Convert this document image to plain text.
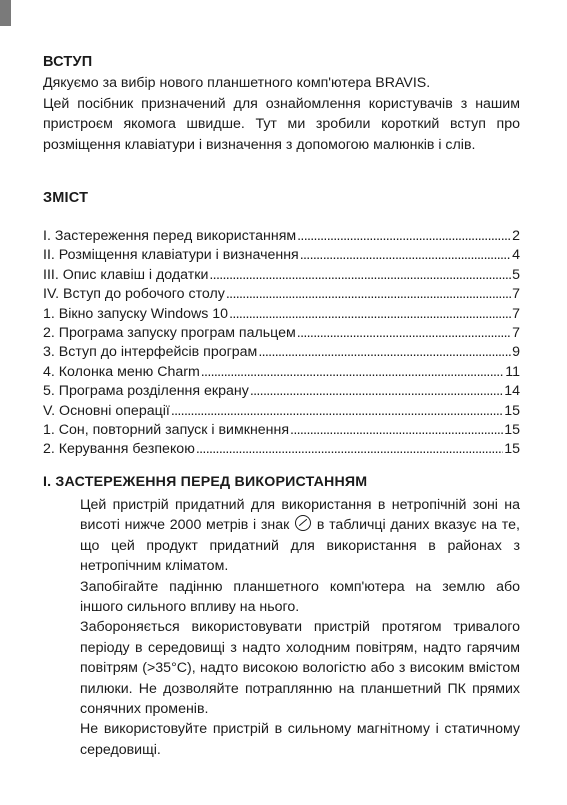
ВСТУП

Дякуємо за вибір нового планшетного комп'ютера BRAVIS.

Цей посібник призначений для ознайомлення користувачів з нашим пристроєм якомога швидше. Тут ми зробили короткий вступ про розміщення клавіатури і визначення з допомогою малюнків і слів.

ЗМІСТ
I. Застереження перед використанням . . .	2
II. Розміщення клавіатури і визначення . . .	4
III. Опис клавіш і додатки . . .	5
IV. Вступ до робочого столу . . .	7
1. Вікно запуску Windows 10 . . .	7
2. Програма запуску програм пальцем . . .	7
3. Вступ до інтерфейсів програм . . .	9
4. Колонка меню Charm . . .	11
5. Програма розділення екрану . . .	14
V. Основні операції . . .	15
1. Сон, повторний запуск і вимкнення . . .	15
2. Керування безпекою . . .	15
I. ЗАСТЕРЕЖЕННЯ ПЕРЕД ВИКОРИСТАННЯМ

Цей пристрій придатний для використання в нетропічній зоні на висоті нижче 2000 метрів і знак в табличці даних вказує на те, що цей продукт придатний для використання в районах з нетропічним кліматом.

Запобігайте падінню планшетного комп'ютера на землю або іншого сильного впливу на нього.

Забороняється використовувати пристрій протягом тривалого періоду в середовищі з надто холодним повітрям, надто гарячим повітрям (>35°C), надто високою вологістю або з високим вмістом пилюки. Не дозволяйте потраплянню на планшетний ПК прямих сонячних променів.

Не використовуйте пристрій в сильному магнітному і статичному середовищі.
